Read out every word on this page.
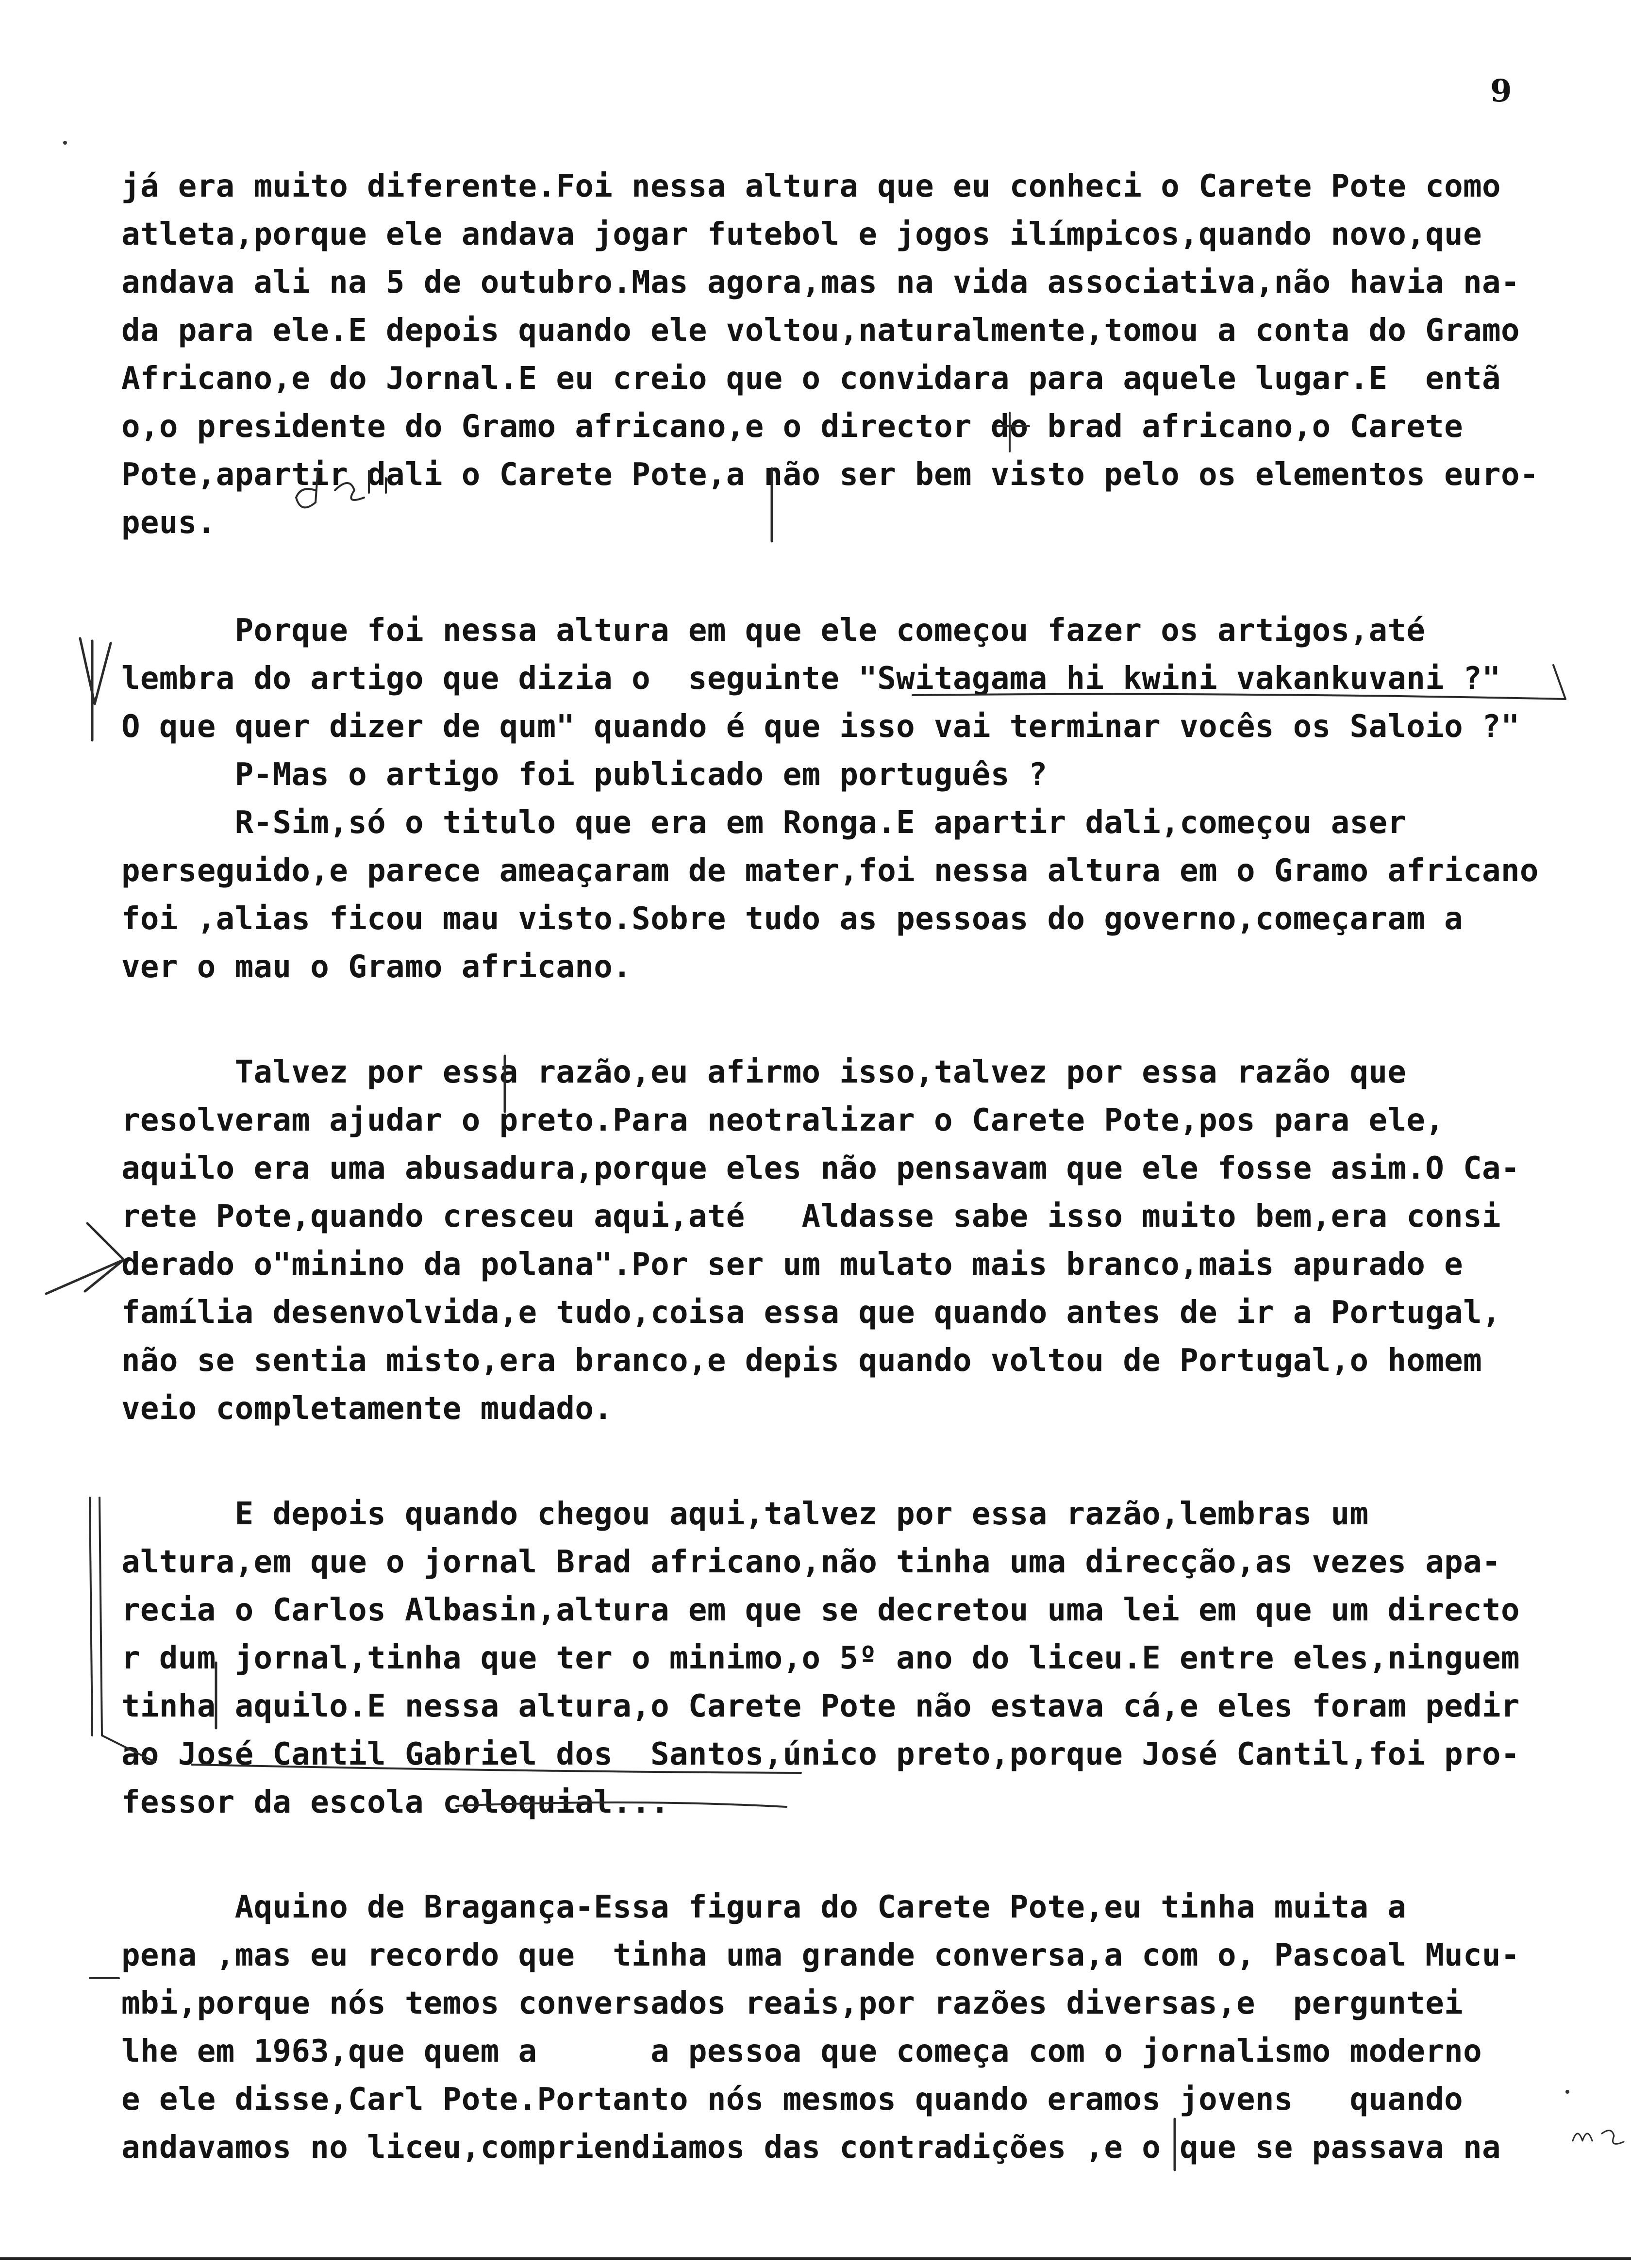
9
já era muito diferente.Foi nessa altura que eu conheci o Carete Pote como
atleta,porque ele andava jogar futebol e jogos ilímpicos,quando novo,que
andava ali na 5 de outubro.Mas agora,mas na vida associativa,não havia na-
da para ele.E depois quando ele voltou,naturalmente,tomou a conta do Gramo
Africano,e do Jornal.E eu creio que o convidara para aquele lugar.E  entã
o,o presidente do Gramo africano,e o director do brad africano,o Carete
Pote,apartir dali o Carete Pote,a não ser bem visto pelo os elementos euro-
peus.
Porque foi nessa altura em que ele começou fazer os artigos,até
lembra do artigo que dizia o  seguinte "Switagama hi kwini vakankuvani ?"
O que quer dizer de qum" quando é que isso vai terminar vocês os Saloio ?"
P-Mas o artigo foi publicado em português ?
R-Sim,só o titulo que era em Ronga.E apartir dali,começou aser
perseguido,e parece ameaçaram de mater,foi nessa altura em o Gramo africano
foi ,alias ficou mau visto.Sobre tudo as pessoas do governo,começaram a
ver o mau o Gramo africano.
Talvez por essa razão,eu afirmo isso,talvez por essa razão que
resolveram ajudar o preto.Para neotralizar o Carete Pote,pos para ele,
aquilo era uma abusadura,porque eles não pensavam que ele fosse asim.O Ca-
rete Pote,quando cresceu aqui,até   Aldasse sabe isso muito bem,era consi
derado o"minino da polana".Por ser um mulato mais branco,mais apurado e
família desenvolvida,e tudo,coisa essa que quando antes de ir a Portugal,
não se sentia misto,era branco,e depis quando voltou de Portugal,o homem
veio completamente mudado.
E depois quando chegou aqui,talvez por essa razão,lembras um
altura,em que o jornal Brad africano,não tinha uma direcção,as vezes apa-
recia o Carlos Albasin,altura em que se decretou uma lei em que um directo
r dum jornal,tinha que ter o minimo,o 5º ano do liceu.E entre eles,ninguem
tinha aquilo.E nessa altura,o Carete Pote não estava cá,e eles foram pedir
ao José Cantil Gabriel dos  Santos,único preto,porque José Cantil,foi pro-
fessor da escola coloquial...
Aquino de Bragança-Essa figura do Carete Pote,eu tinha muita a
pena ,mas eu recordo que  tinha uma grande conversa,a com o, Pascoal Mucu-
mbi,porque nós temos conversados reais,por razões diversas,e  perguntei
lhe em 1963,que quem a      a pessoa que começa com o jornalismo moderno
e ele disse,Carl Pote.Portanto nós mesmos quando eramos jovens   quando
andavamos no liceu,compriendiamos das contradições ,e o que se passava na
